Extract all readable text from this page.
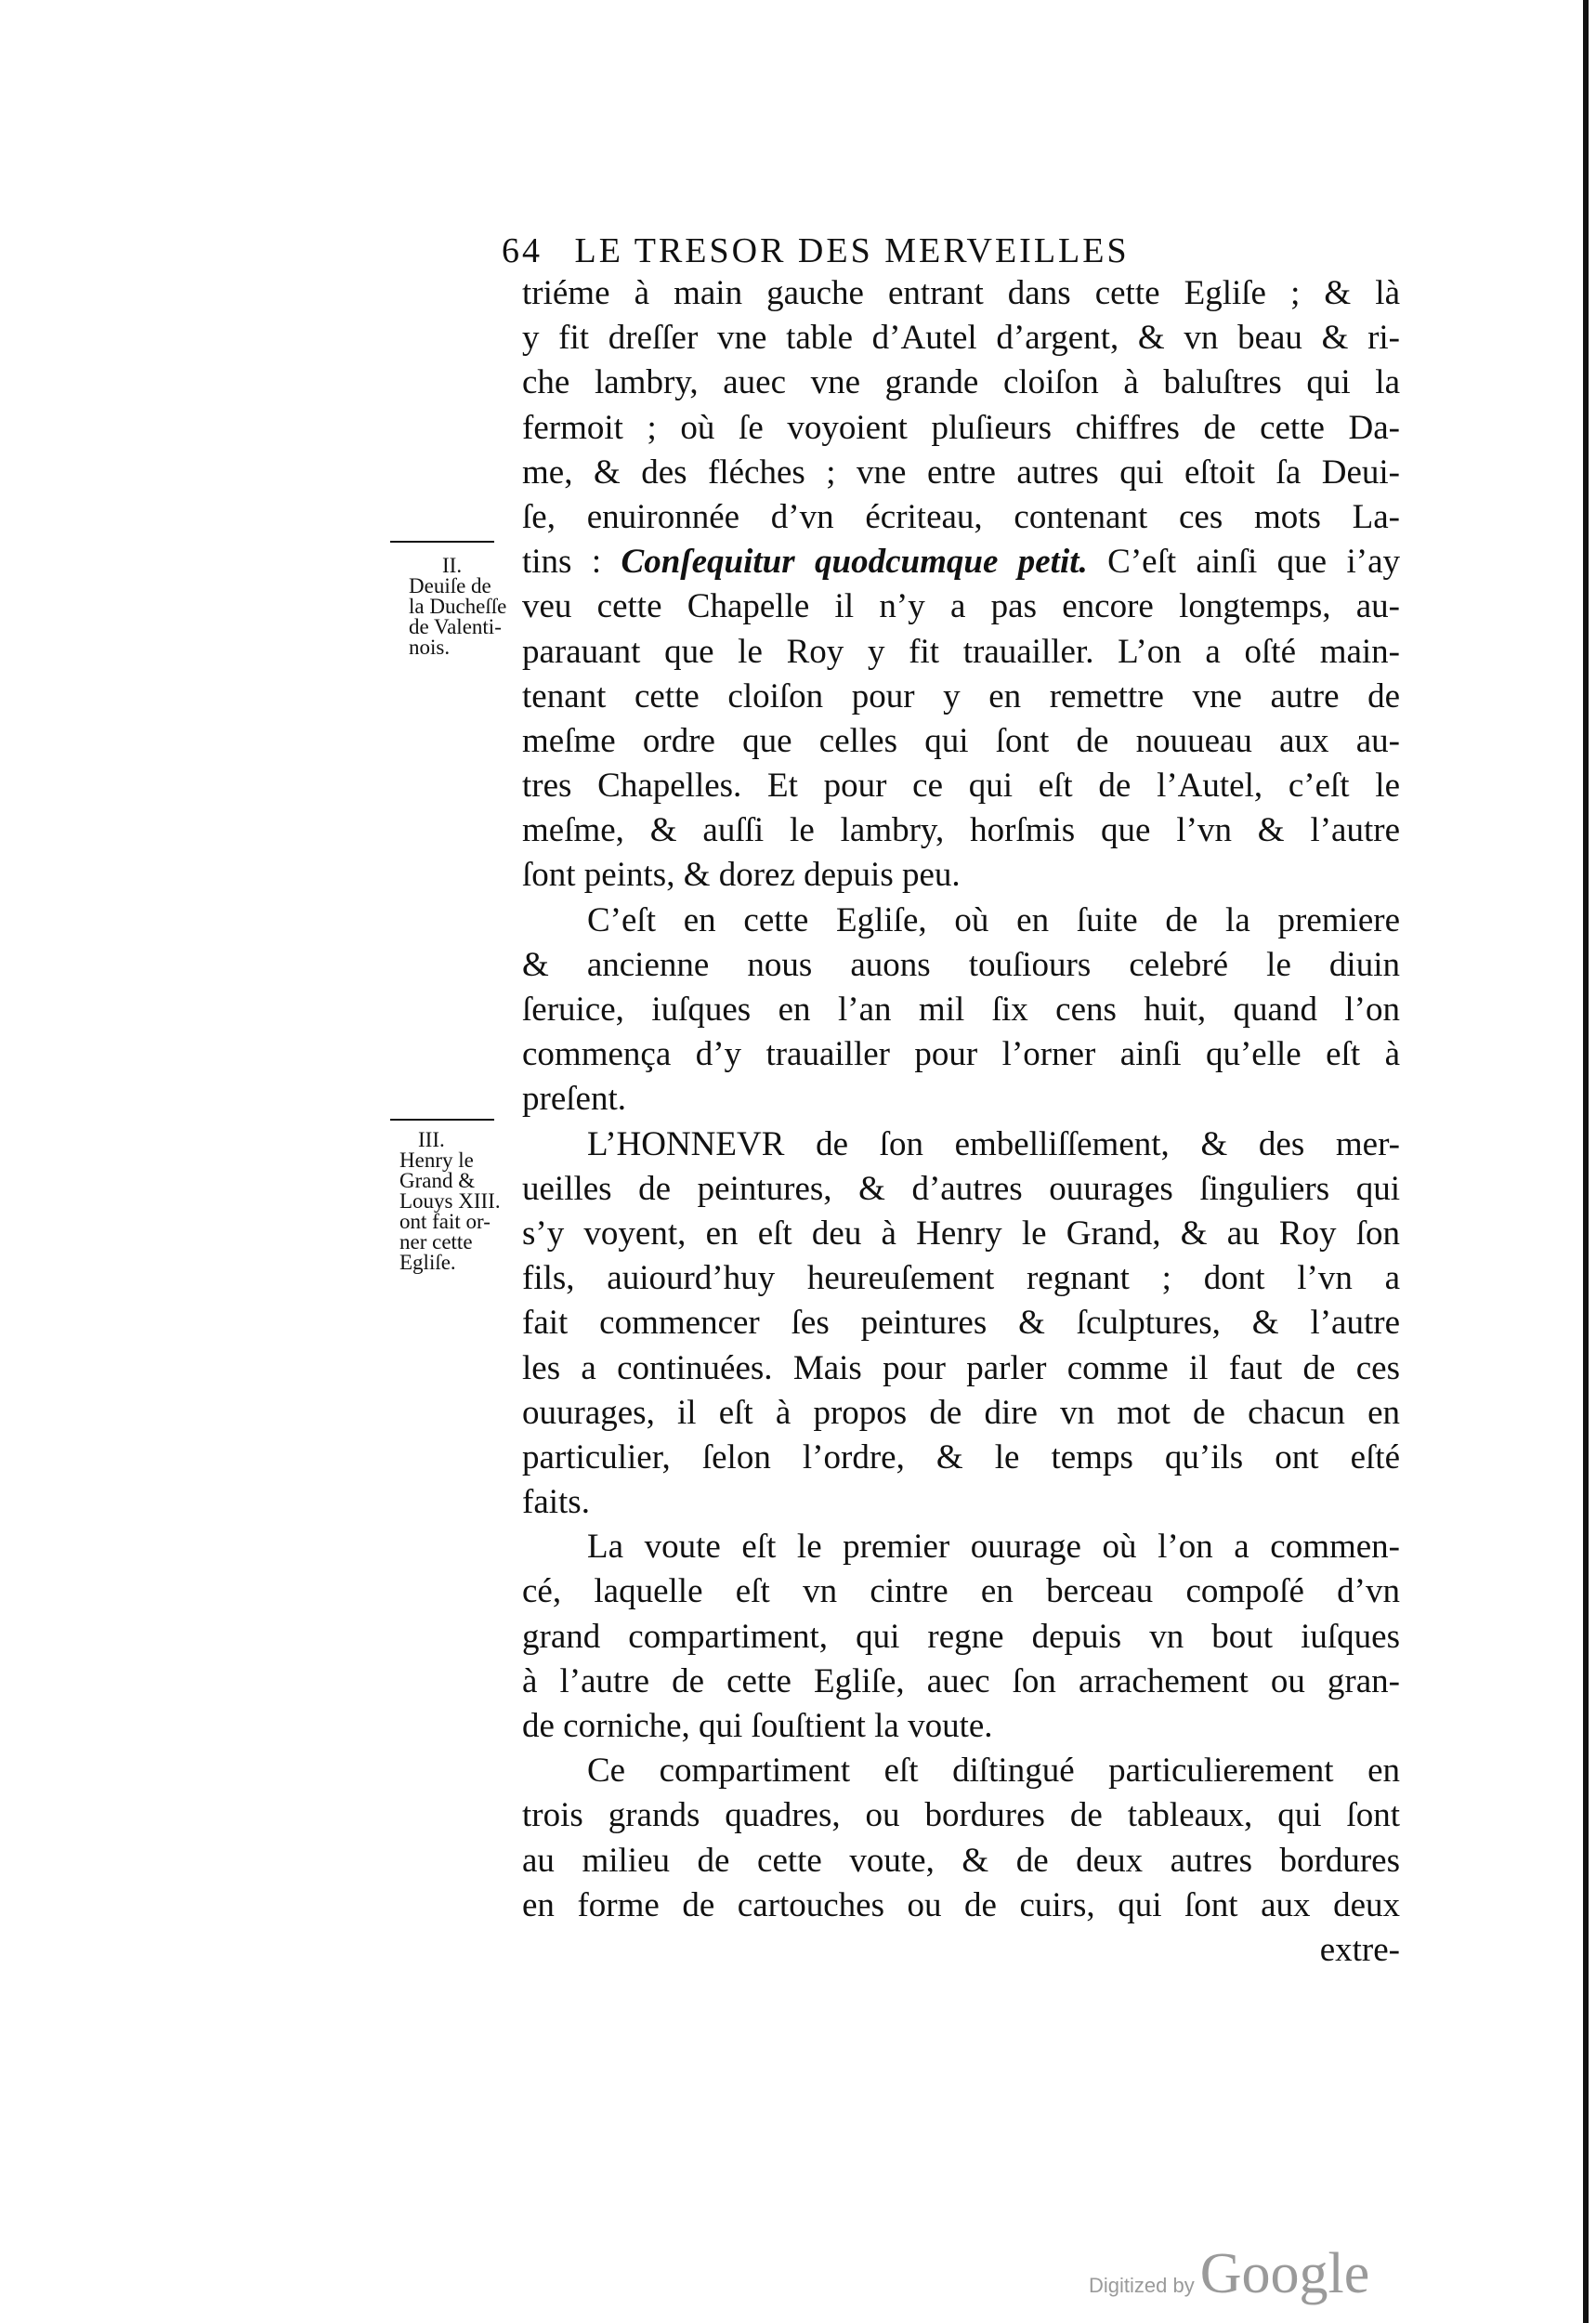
64 LE TRESOR DES MERVEILLES
II.
Deuiſe de
la Ducheſſe
de Valenti-
nois.
III.
Henry le
Grand &
Louys XIII.
ont fait or-
ner cette
Egliſe.
triéme à main gauche entrant dans cette Egliſe ; & là
y fit dreſſer vne table d’Autel d’argent, & vn beau & ri-
che lambry, auec vne grande cloiſon à baluſtres qui la
fermoit ; où ſe voyoient pluſieurs chiffres de cette Da-
me, & des fléches ; vne entre autres qui eſtoit ſa Deui-
ſe, enuironnée d’vn écriteau, contenant ces mots La-
tins : Conſequitur quodcumque petit. C’eſt ainſi que i’ay
veu cette Chapelle il n’y a pas encore longtemps, au-
parauant que le Roy y fit trauailler. L’on a oſté main-
tenant cette cloiſon pour y en remettre vne autre de
meſme ordre que celles qui ſont de nouueau aux au-
tres Chapelles. Et pour ce qui eſt de l’Autel, c’eſt le
meſme, & auſſi le lambry, horſmis que l’vn & l’autre
ſont peints, & dorez depuis peu.
C’eſt en cette Egliſe, où en ſuite de la premiere
& ancienne nous auons touſiours celebré le diuin
ſeruice, iuſques en l’an mil ſix cens huit, quand l’on
commença d’y trauailler pour l’orner ainſi qu’elle eſt à
preſent.
L’HONNEVR de ſon embelliſſement, & des mer-
ueilles de peintures, & d’autres ouurages ſinguliers qui
s’y voyent, en eſt deu à Henry le Grand, & au Roy ſon
fils, auiourd’huy heureuſement regnant ; dont l’vn a
fait commencer ſes peintures & ſculptures, & l’autre
les a continuées. Mais pour parler comme il faut de ces
ouurages, il eſt à propos de dire vn mot de chacun en
particulier, ſelon l’ordre, & le temps qu’ils ont eſté
faits.
La voute eſt le premier ouurage où l’on a commen-
cé, laquelle eſt vn cintre en berceau compoſé d’vn
grand compartiment, qui regne depuis vn bout iuſques
à l’autre de cette Egliſe, auec ſon arrachement ou gran-
de corniche, qui ſouſtient la voute.
Ce compartiment eſt diſtingué particulierement en
trois grands quadres, ou bordures de tableaux, qui ſont
au milieu de cette voute, & de deux autres bordures
en forme de cartouches ou de cuirs, qui ſont aux deux
extre-
Digitized byGoogle
